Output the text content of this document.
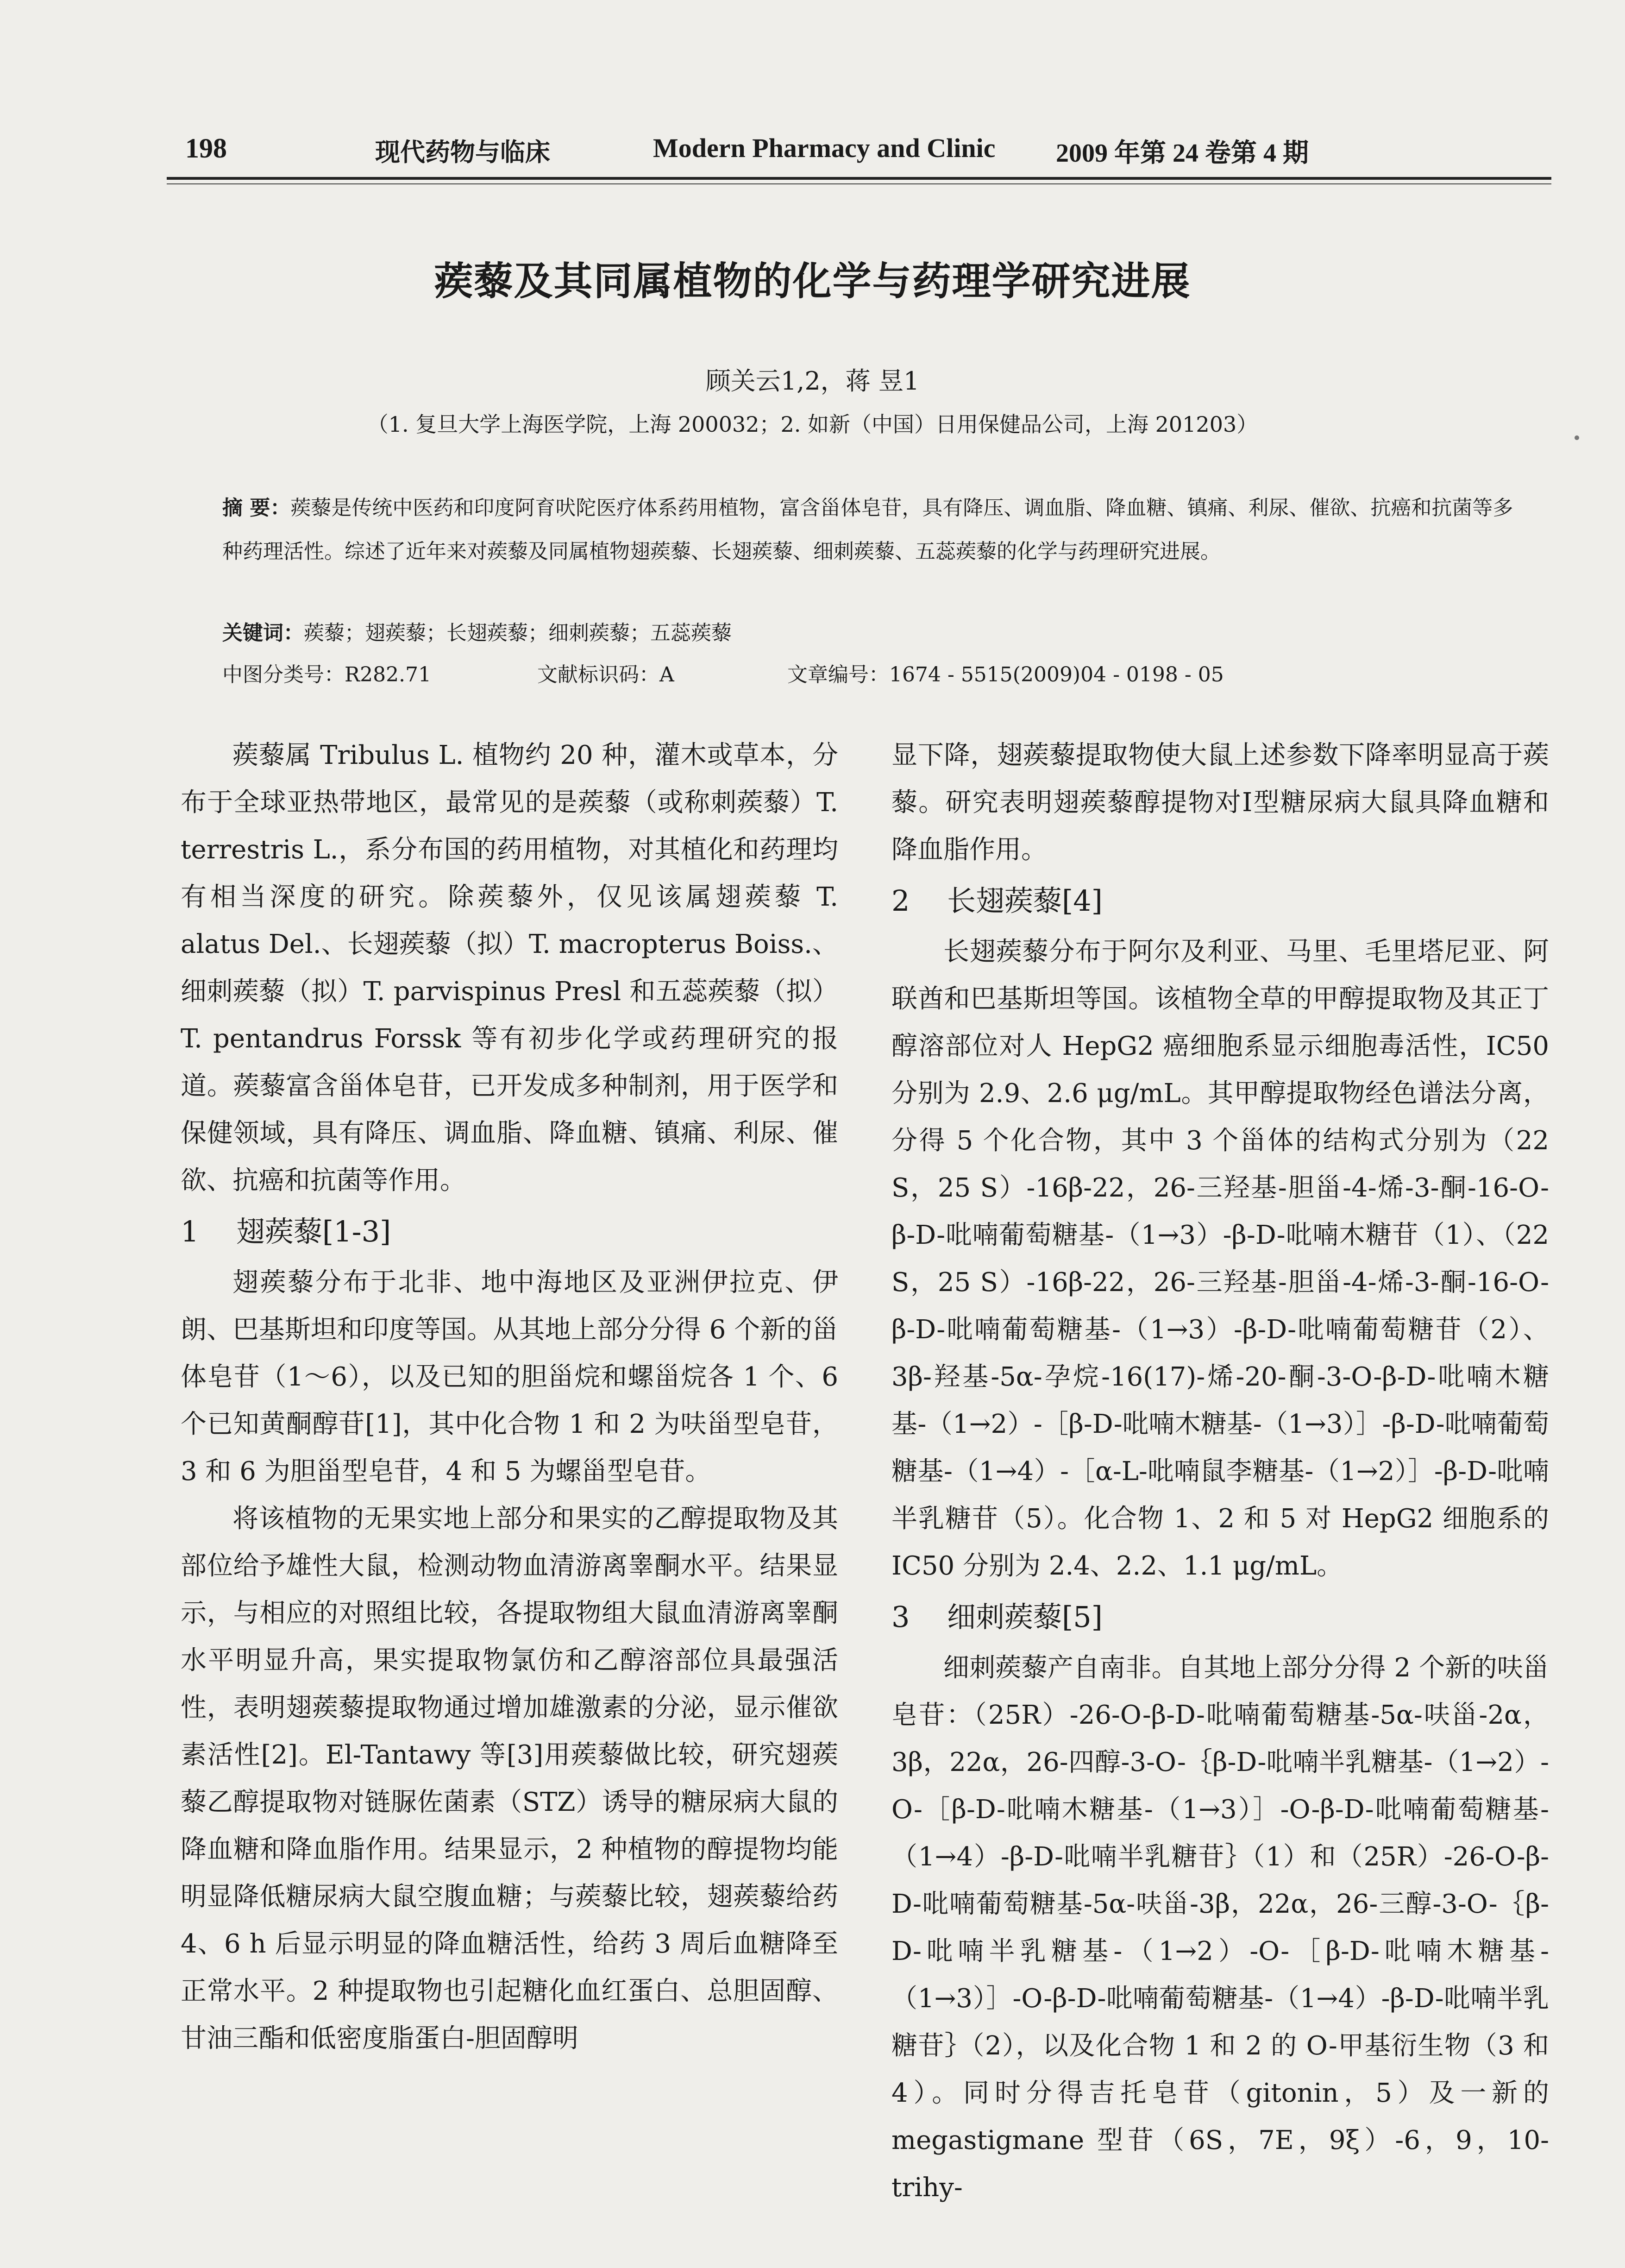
198	现代药物与临床	Modern Pharmacy and Clinic 2009 年第 24 卷第 4 期
蒺藜及其同属植物的化学与药理学研究进展
顾关云1,2，蒋 昱1
（1. 复旦大学上海医学院，上海 200032；2. 如新（中国）日用保健品公司，上海 201203）
摘 要：蒺藜是传统中医药和印度阿育吠陀医疗体系药用植物，富含甾体皂苷，具有降压、调血脂、降血糖、镇痛、利尿、催欲、抗癌和抗菌等多种药理活性。综述了近年来对蒺藜及同属植物翅蒺藜、长翅蒺藜、细刺蒺藜、五蕊蒺藜的化学与药理研究进展。
关键词：蒺藜；翅蒺藜；长翅蒺藜；细刺蒺藜；五蕊蒺藜
中图分类号：R282.71	文献标识码：A	文章编号：1674 - 5515(2009)04 - 0198 - 05

蒺藜属 Tribulus L. 植物约 20 种，灌木或草本，分布于全球亚热带地区，最常见的是蒺藜（或称刺蒺藜）T. terrestris L.，系分布国的药用植物，对其植化和药理均有相当深度的研究。除蒺藜外，仅见该属翅蒺藜 T. alatus Del.、长翅蒺藜（拟）T. macropterus Boiss.、细刺蒺藜（拟）T. parvispinus Presl 和五蕊蒺藜（拟）T. pentandrus Forssk 等有初步化学或药理研究的报道。蒺藜富含甾体皂苷，已开发成多种制剂，用于医学和保健领域，具有降压、调血脂、降血糖、镇痛、利尿、催欲、抗癌和抗菌等作用。

1 翅蒺藜[1-3]

翅蒺藜分布于北非、地中海地区及亚洲伊拉克、伊朗、巴基斯坦和印度等国。从其地上部分分得 6 个新的甾体皂苷（1～6），以及已知的胆甾烷和螺甾烷各 1 个、6 个已知黄酮醇苷[1]，其中化合物 1 和 2 为呋甾型皂苷，3 和 6 为胆甾型皂苷，4 和 5 为螺甾型皂苷。

将该植物的无果实地上部分和果实的乙醇提取物及其部位给予雄性大鼠，检测动物血清游离睾酮水平。结果显示，与相应的对照组比较，各提取物组大鼠血清游离睾酮水平明显升高，果实提取物氯仿和乙醇溶部位具最强活性，表明翅蒺藜提取物通过增加雄激素的分泌，显示催欲素活性[2]。El-Tantawy 等[3]用蒺藜做比较，研究翅蒺藜乙醇提取物对链脲佐菌素（STZ）诱导的糖尿病大鼠的降血糖和降血脂作用。结果显示，2 种植物的醇提物均能明显降低糖尿病大鼠空腹血糖；与蒺藜比较，翅蒺藜给药 4、6 h 后显示明显的降血糖活性，给药 3 周后血糖降至正常水平。2 种提取物也引起糖化血红蛋白、总胆固醇、甘油三酯和低密度脂蛋白-胆固醇明

显下降，翅蒺藜提取物使大鼠上述参数下降率明显高于蒺藜。研究表明翅蒺藜醇提物对Ⅰ型糖尿病大鼠具降血糖和降血脂作用。

2 长翅蒺藜[4]

长翅蒺藜分布于阿尔及利亚、马里、毛里塔尼亚、阿联酋和巴基斯坦等国。该植物全草的甲醇提取物及其正丁醇溶部位对人 HepG2 癌细胞系显示细胞毒活性，IC50 分别为 2.9、2.6 μg/mL。其甲醇提取物经色谱法分离，分得 5 个化合物，其中 3 个甾体的结构式分别为（22 S，25 S）-16β-22，26-三羟基-胆甾-4-烯-3-酮-16-O-β-D-吡喃葡萄糖基-（1→3）-β-D-吡喃木糖苷（1）、（22 S，25 S）-16β-22，26-三羟基-胆甾-4-烯-3-酮-16-O-β-D-吡喃葡萄糖基-（1→3）-β-D-吡喃葡萄糖苷（2）、3β-羟基-5α-孕烷-16(17)-烯-20-酮-3-O-β-D-吡喃木糖基-（1→2）-［β-D-吡喃木糖基-（1→3）］-β-D-吡喃葡萄糖基-（1→4）-［α-L-吡喃鼠李糖基-（1→2）］-β-D-吡喃半乳糖苷（5）。化合物 1、2 和 5 对 HepG2 细胞系的 IC50 分别为 2.4、2.2、1.1 μg/mL。

3 细刺蒺藜[5]

细刺蒺藜产自南非。自其地上部分分得 2 个新的呋甾皂苷：（25R）-26-O-β-D-吡喃葡萄糖基-5α-呋甾-2α，3β，22α，26-四醇-3-O-｛β-D-吡喃半乳糖基-（1→2）-O-［β-D-吡喃木糖基-（1→3）］-O-β-D-吡喃葡萄糖基-（1→4）-β-D-吡喃半乳糖苷｝（1）和（25R）-26-O-β-D-吡喃葡萄糖基-5α-呋甾-3β，22α，26-三醇-3-O-｛β-D-吡喃半乳糖基-（1→2）-O-［β-D-吡喃木糖基-（1→3）］-O-β-D-吡喃葡萄糖基-（1→4）-β-D-吡喃半乳糖苷｝（2），以及化合物 1 和 2 的 O-甲基衍生物（3 和 4）。同时分得吉托皂苷（gitonin，5）及一新的 megastigmane 型苷（6S，7E，9ξ）-6，9，10-trihy-
